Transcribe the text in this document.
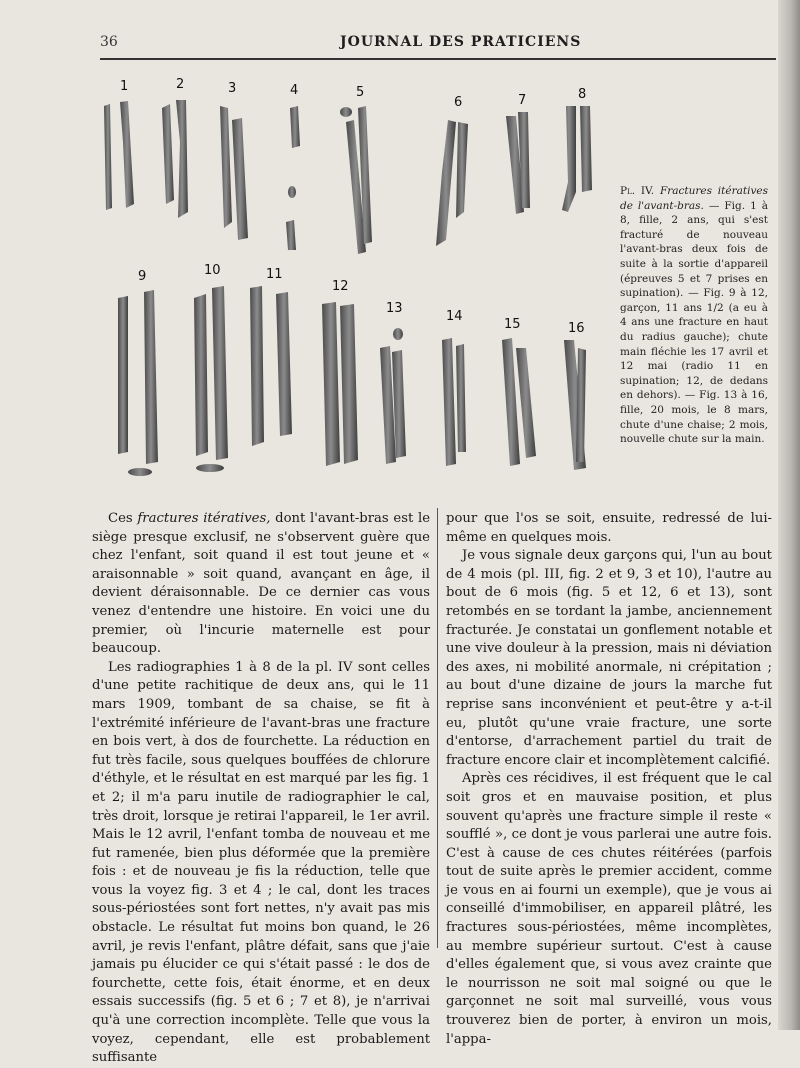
36	JOURNAL DES PRATICIENS
1	2	3	4	5
6	7	8
9	10	11
12
13
14
15	16
Pl. IV. Fractures itératives de l'avant-bras. — Fig. 1 à 8, fille, 2 ans, qui s'est fracturé de nouveau l'avant-bras deux fois de suite à la sortie d'appareil (épreuves 5 et 7 prises en supination). — Fig. 9 à 12, garçon, 11 ans 1/2 (a eu à 4 ans une fracture en haut du radius gauche); chute main fléchie les 17 avril et 12 mai (radio 11 en supination; 12, de dedans en dehors). — Fig. 13 à 16, fille, 20 mois, le 8 mars, chute d'une chaise; 2 mois, nouvelle chute sur la main.

Ces fractures itératives, dont l'avant-bras est le siège presque exclusif, ne s'observent guère que chez l'enfant, soit quand il est tout jeune et « araisonnable » soit quand, avançant en âge, il devient déraisonnable. De ce dernier cas vous venez d'entendre une histoire. En voici une du premier, où l'incurie maternelle est pour beaucoup.

Les radiographies 1 à 8 de la pl. IV sont celles d'une petite rachitique de deux ans, qui le 11 mars 1909, tombant de sa chaise, se fit à l'extrémité inférieure de l'avant-bras une fracture en bois vert, à dos de fourchette. La réduction en fut très facile, sous quelques bouffées de chlorure d'éthyle, et le résultat en est marqué par les fig. 1 et 2; il m'a paru inutile de radiographier le cal, très droit, lorsque je retirai l'appareil, le 1er avril. Mais le 12 avril, l'enfant tomba de nouveau et me fut ramenée, bien plus déformée que la première fois : et de nouveau je fis la réduction, telle que vous la voyez fig. 3 et 4 ; le cal, dont les traces sous-périostées sont fort nettes, n'y avait pas mis obstacle. Le résultat fut moins bon quand, le 26 avril, je revis l'enfant, plâtre défait, sans que j'aie jamais pu élucider ce qui s'était passé : le dos de fourchette, cette fois, était énorme, et en deux essais successifs (fig. 5 et 6 ; 7 et 8), je n'arrivai qu'à une correction incomplète. Telle que vous la voyez, cependant, elle est probablement suffisante

pour que l'os se soit, ensuite, redressé de lui-même en quelques mois.

Je vous signale deux garçons qui, l'un au bout de 4 mois (pl. III, fig. 2 et 9, 3 et 10), l'autre au bout de 6 mois (fig. 5 et 12, 6 et 13), sont retombés en se tordant la jambe, anciennement fracturée. Je constatai un gonflement notable et une vive douleur à la pression, mais ni déviation des axes, ni mobilité anormale, ni crépitation ; au bout d'une dizaine de jours la marche fut reprise sans inconvénient et peut-être y a-t-il eu, plutôt qu'une vraie fracture, une sorte d'entorse, d'arrachement partiel du trait de fracture encore clair et incomplètement calcifié.

Après ces récidives, il est fréquent que le cal soit gros et en mauvaise position, et plus souvent qu'après une fracture simple il reste « soufflé », ce dont je vous parlerai une autre fois. C'est à cause de ces chutes réitérées (parfois tout de suite après le premier accident, comme je vous en ai fourni un exemple), que je vous ai conseillé d'immobiliser, en appareil plâtré, les fractures sous-périostées, même incomplètes, au membre supérieur surtout. C'est à cause d'elles également que, si vous avez crainte que le nourrisson ne soit mal soigné ou que le garçonnet ne soit mal surveillé, vous vous trouverez bien de porter, à environ un mois, l'appa-
